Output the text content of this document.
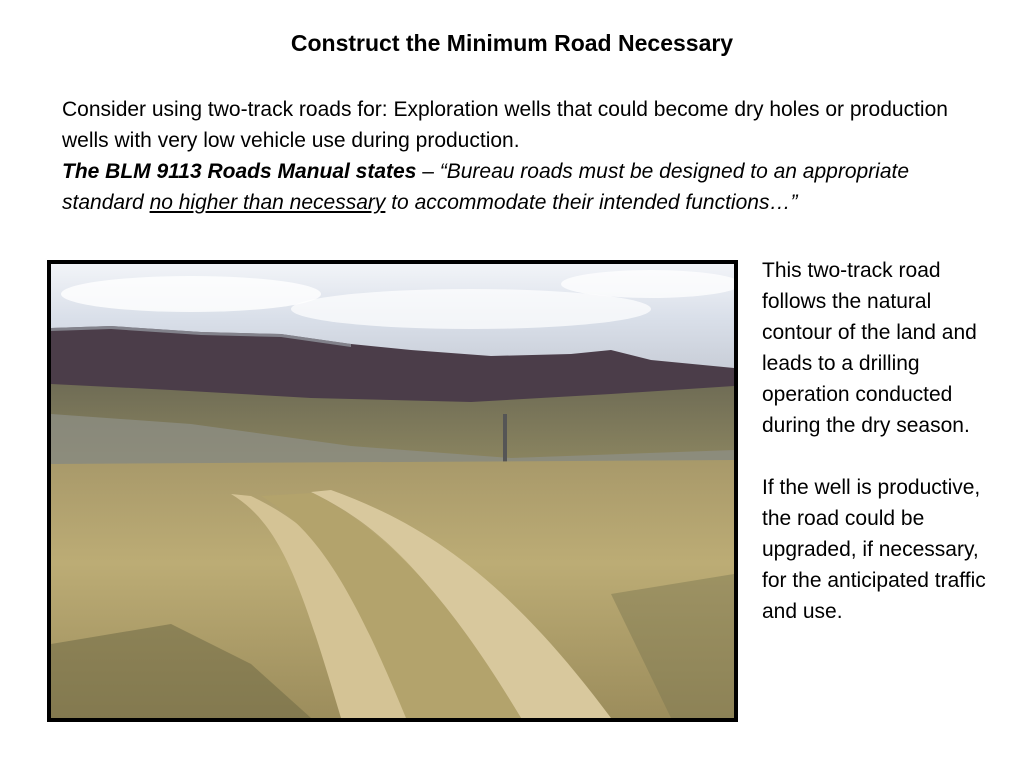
Construct the Minimum Road Necessary
Consider using two-track roads for: Exploration wells that could become dry holes or production wells with very low vehicle use during production.
The BLM 9113 Roads Manual states – “Bureau roads must be designed to an appropriate standard no higher than necessary to accommodate their intended functions…”

This two-track road follows the natural contour of the land and leads to a drilling operation conducted during the dry season.

If the well is productive, the road could be upgraded, if necessary, for the anticipated traffic and use.
